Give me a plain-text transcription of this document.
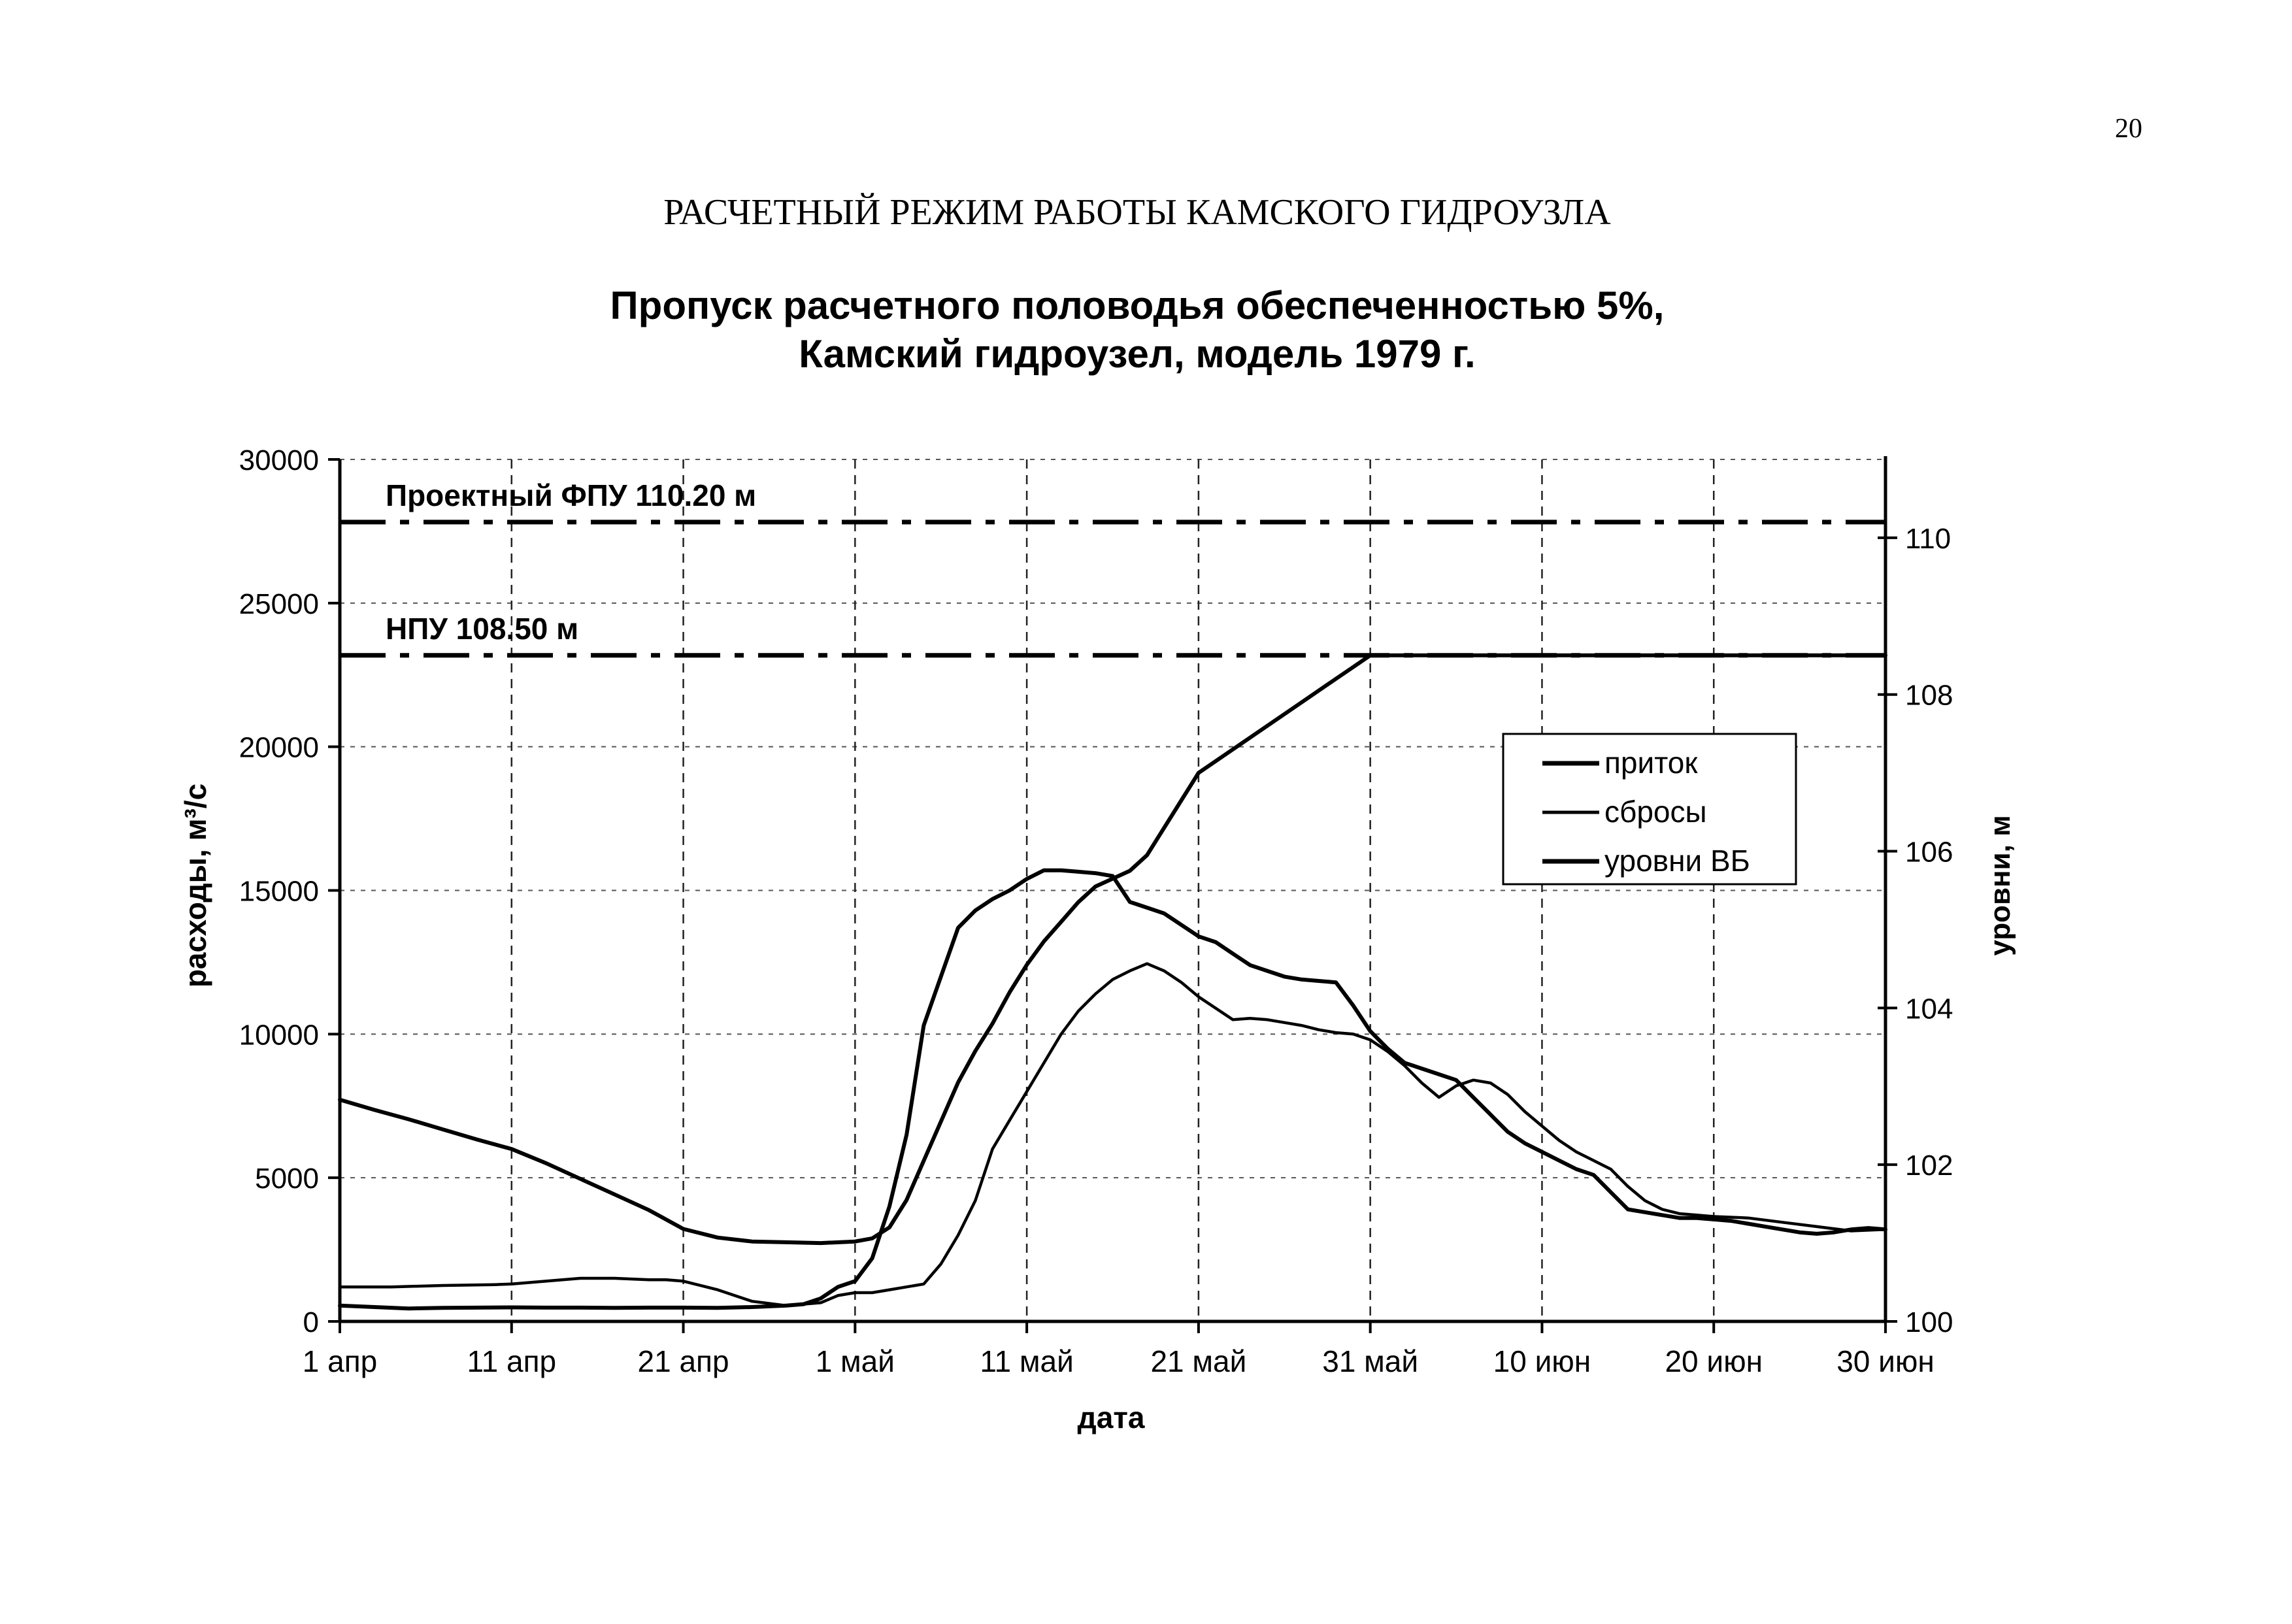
20
РАСЧЕТНЫЙ РЕЖИМ РАБОТЫ КАМСКОГО ГИДРОУЗЛА
Пропуск расчетного половодья обеспеченностью 5%,
Камский гидроузел, модель 1979 г.
Проектный ФПУ 110.20 м
НПУ 108.50 м
0
5000
10000
15000
20000
25000
30000
100
102
104
106
108
110
1 апр	11 апр	21 апр	1 май	11 май	21 май	31 май 10 июн 20 июн 30 июн
дата
расходы, м³/с	уровни, м
приток
сбросы
уровни ВБ
